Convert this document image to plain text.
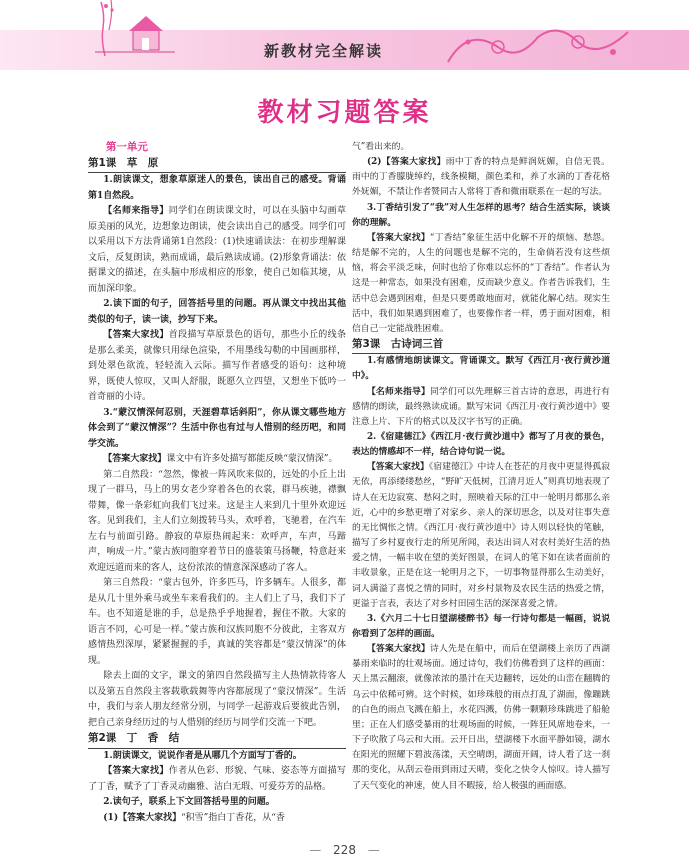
新教材完全解读
教材习题答案

第一单元

第1课　草　原

1.朗读课文，想象草原迷人的景色，读出自己的感受。背诵第1自然段。

【名师来指导】同学们在朗读课文时，可以在头脑中勾画草原美丽的风光，边想象边朗读，使会读出自己的感受。同学们可以采用以下方法背诵第1自然段：(1)快速诵读法：在初步理解课文后，反复朗读，熟而成诵，最后熟读成诵。(2)形象背诵法：依据课文的描述，在头脑中形成相应的形象，使自己如临其境，从而加深印象。

2.读下面的句子，回答括号里的问题。再从课文中找出其他类似的句子，读一读，抄写下来。

【答案大家找】首段描写草原景色的语句，那些小丘的线条是那么柔美，就像只用绿色渲染，不用墨线勾勒的中国画那样，到处翠色欲流，轻轻流入云际。描写作者感受的语句：这种境界，既使人惊叹，又叫人舒服，既愿久立四望，又想坐下低吟一首奇丽的小诗。

3.“蒙汉情深何忍别，天涯碧草话斜阳”，你从课文哪些地方体会到了“蒙汉情深”？生活中你也有过与人惜别的经历吧，和同学交流。

【答案大家找】课文中有许多处描写都能反映“蒙汉情深”。

第二自然段：“忽然，像被一阵风吹来似的，远处的小丘上出现了一群马，马上的男女老少穿着各色的衣裳，群马疾驰，襟飘带舞，像一条彩虹向我们飞过来。这是主人来到几十里外欢迎远客。见到我们，主人们立刻拨转马头，欢呼着，飞驰着，在汽车左右与前面引路。静寂的草原热闹起来：欢呼声，车声，马蹄声，响成一片。”蒙古族同胞穿着节日的盛装策马扬鞭，特意赶来欢迎远道而来的客人，这份浓浓的情意深深感动了客人。

第三自然段：“蒙古包外，许多匹马，许多辆车。人很多，都是从几十里外乘马或坐车来看我们的。主人们上了马，我们下了车。也不知道是谁的手，总是热乎乎地握着，握住不散。大家的语言不同，心可是一样。”蒙古族和汉族同胞不分彼此，主客双方感情热烈深厚，紧紧握握的手，真诚的笑容都是“蒙汉情深”的体现。

除去上面的文字，课文的第四自然段描写主人热情款待客人以及第五自然段主客载歌载舞等内容都展现了“蒙汉情深”。生活中，我们与亲人朋友经常分别，与同学一起游戏后要彼此告别，把自己亲身经历过的与人惜别的经历与同学们交流一下吧。

第2课　丁　香　结

1.朗读课文，说说作者是从哪几个方面写丁香的。

【答案大家找】作者从色彩、形貌、气味、姿态等方面描写了丁香，赋予了丁香灵动幽雅、洁白无瑕、可爱芬芳的品格。

2.读句子，联系上下文回答括号里的问题。

(1)【答案大家找】“积雪”指白丁香花，从“香

气”看出来的。

(2)【答案大家找】雨中丁香的特点是鲜润妩媚，自信无畏。雨中的丁香朦胧绰约，线条模糊，颜色柔和，养了水滴的丁香花格外妩媚，不禁让作者赞同古人常将丁香和微雨联系在一起的写法。

3.丁香结引发了“我”对人生怎样的思考？结合生活实际，谈谈你的理解。

【答案大家找】“丁香结”象征生活中化解不开的烦恼、愁怨。结是解不完的，人生的问题也是解不完的，生命倘若没有这些烦恼，将会平淡乏味，何时也给了你难以忘怀的“丁香结”。作者认为这是一种常态，如果没有困难，反而缺少意义。作者告诉我们，生活中总会遇到困难，但是只要勇敢地面对，就能化解心结。现实生活中，我们如果遇到困难了，也要像作者一样，勇于面对困难，相信自己一定能战胜困难。

第3课　古诗词三首

1.有感情地朗读课文。背诵课文。默写《西江月·夜行黄沙道中》。

【名师来指导】同学们可以先理解三首古诗的意思，再进行有感情的朗读，最终熟读成诵。默写宋词《西江月·夜行黄沙道中》要注意上片、下片的格式以及汉字书写的正确。

2.《宿建德江》《西江月·夜行黄沙道中》都写了月夜的景色，表达的情感却不一样，结合诗句说一说。

【答案大家找】《宿建德江》中诗人在苍茫的月夜中更显得孤寂无依，再添缕缕愁丝，“野旷天低树，江清月近人”则真切地表现了诗人在无边寂寞、愁闷之时，照映着天际的江中一轮明月都那么亲近，心中的乡愁更增了对家乡、亲人的深切思念，以及对往事失意的无比惆怅之情。《西江月·夜行黄沙道中》诗人则以轻快的笔触，描写了乡村夏夜行走的所见所闻，表达出词人对农村美好生活的热爱之情，一幅丰收在望的美好图景，在词人的笔下如在读者面前的丰收景象，正是在这一轮明月之下，一切事物显得那么生动美好，词人满溢了喜悦之情的同时，对乡村景物及农民生活的热爱之情，更溢于言表，表达了对乡村田园生活的深深喜爱之情。

3.《六月二十七日望湖楼醉书》每一行诗句都是一幅画，说说你看到了怎样的画面。

【答案大家找】诗人先是在船中，而后在望湖楼上亲历了西湖暴雨来临时的壮观场面。通过诗句，我们仿佛看到了这样的画面：天上黑云翻滚，就像浓浓的墨汁在天边翻转，远处的山峦在翻腾的乌云中依稀可辨。这个时候，如珍珠般的雨点打乱了湖面，像蹦跳的白色的雨点飞溅在船上，水花四溅，仿佛一颗颗珍珠跳进了船舱里；正在人们感受暴雨的壮观场面的时候，一阵狂风席地卷来，一下子吹散了乌云和大雨。云开日出，望湖楼下水面平静如镜，湖水在阳光的照耀下碧波荡漾，天空晴朗，湖面开阔，诗人看了这一刹那的变化，从刮云卷雨到雨过天晴，变化之快令人惊叹。诗人描写了天气变化的神速，使人目不暇接，给人极强的画面感。

— 228 —
